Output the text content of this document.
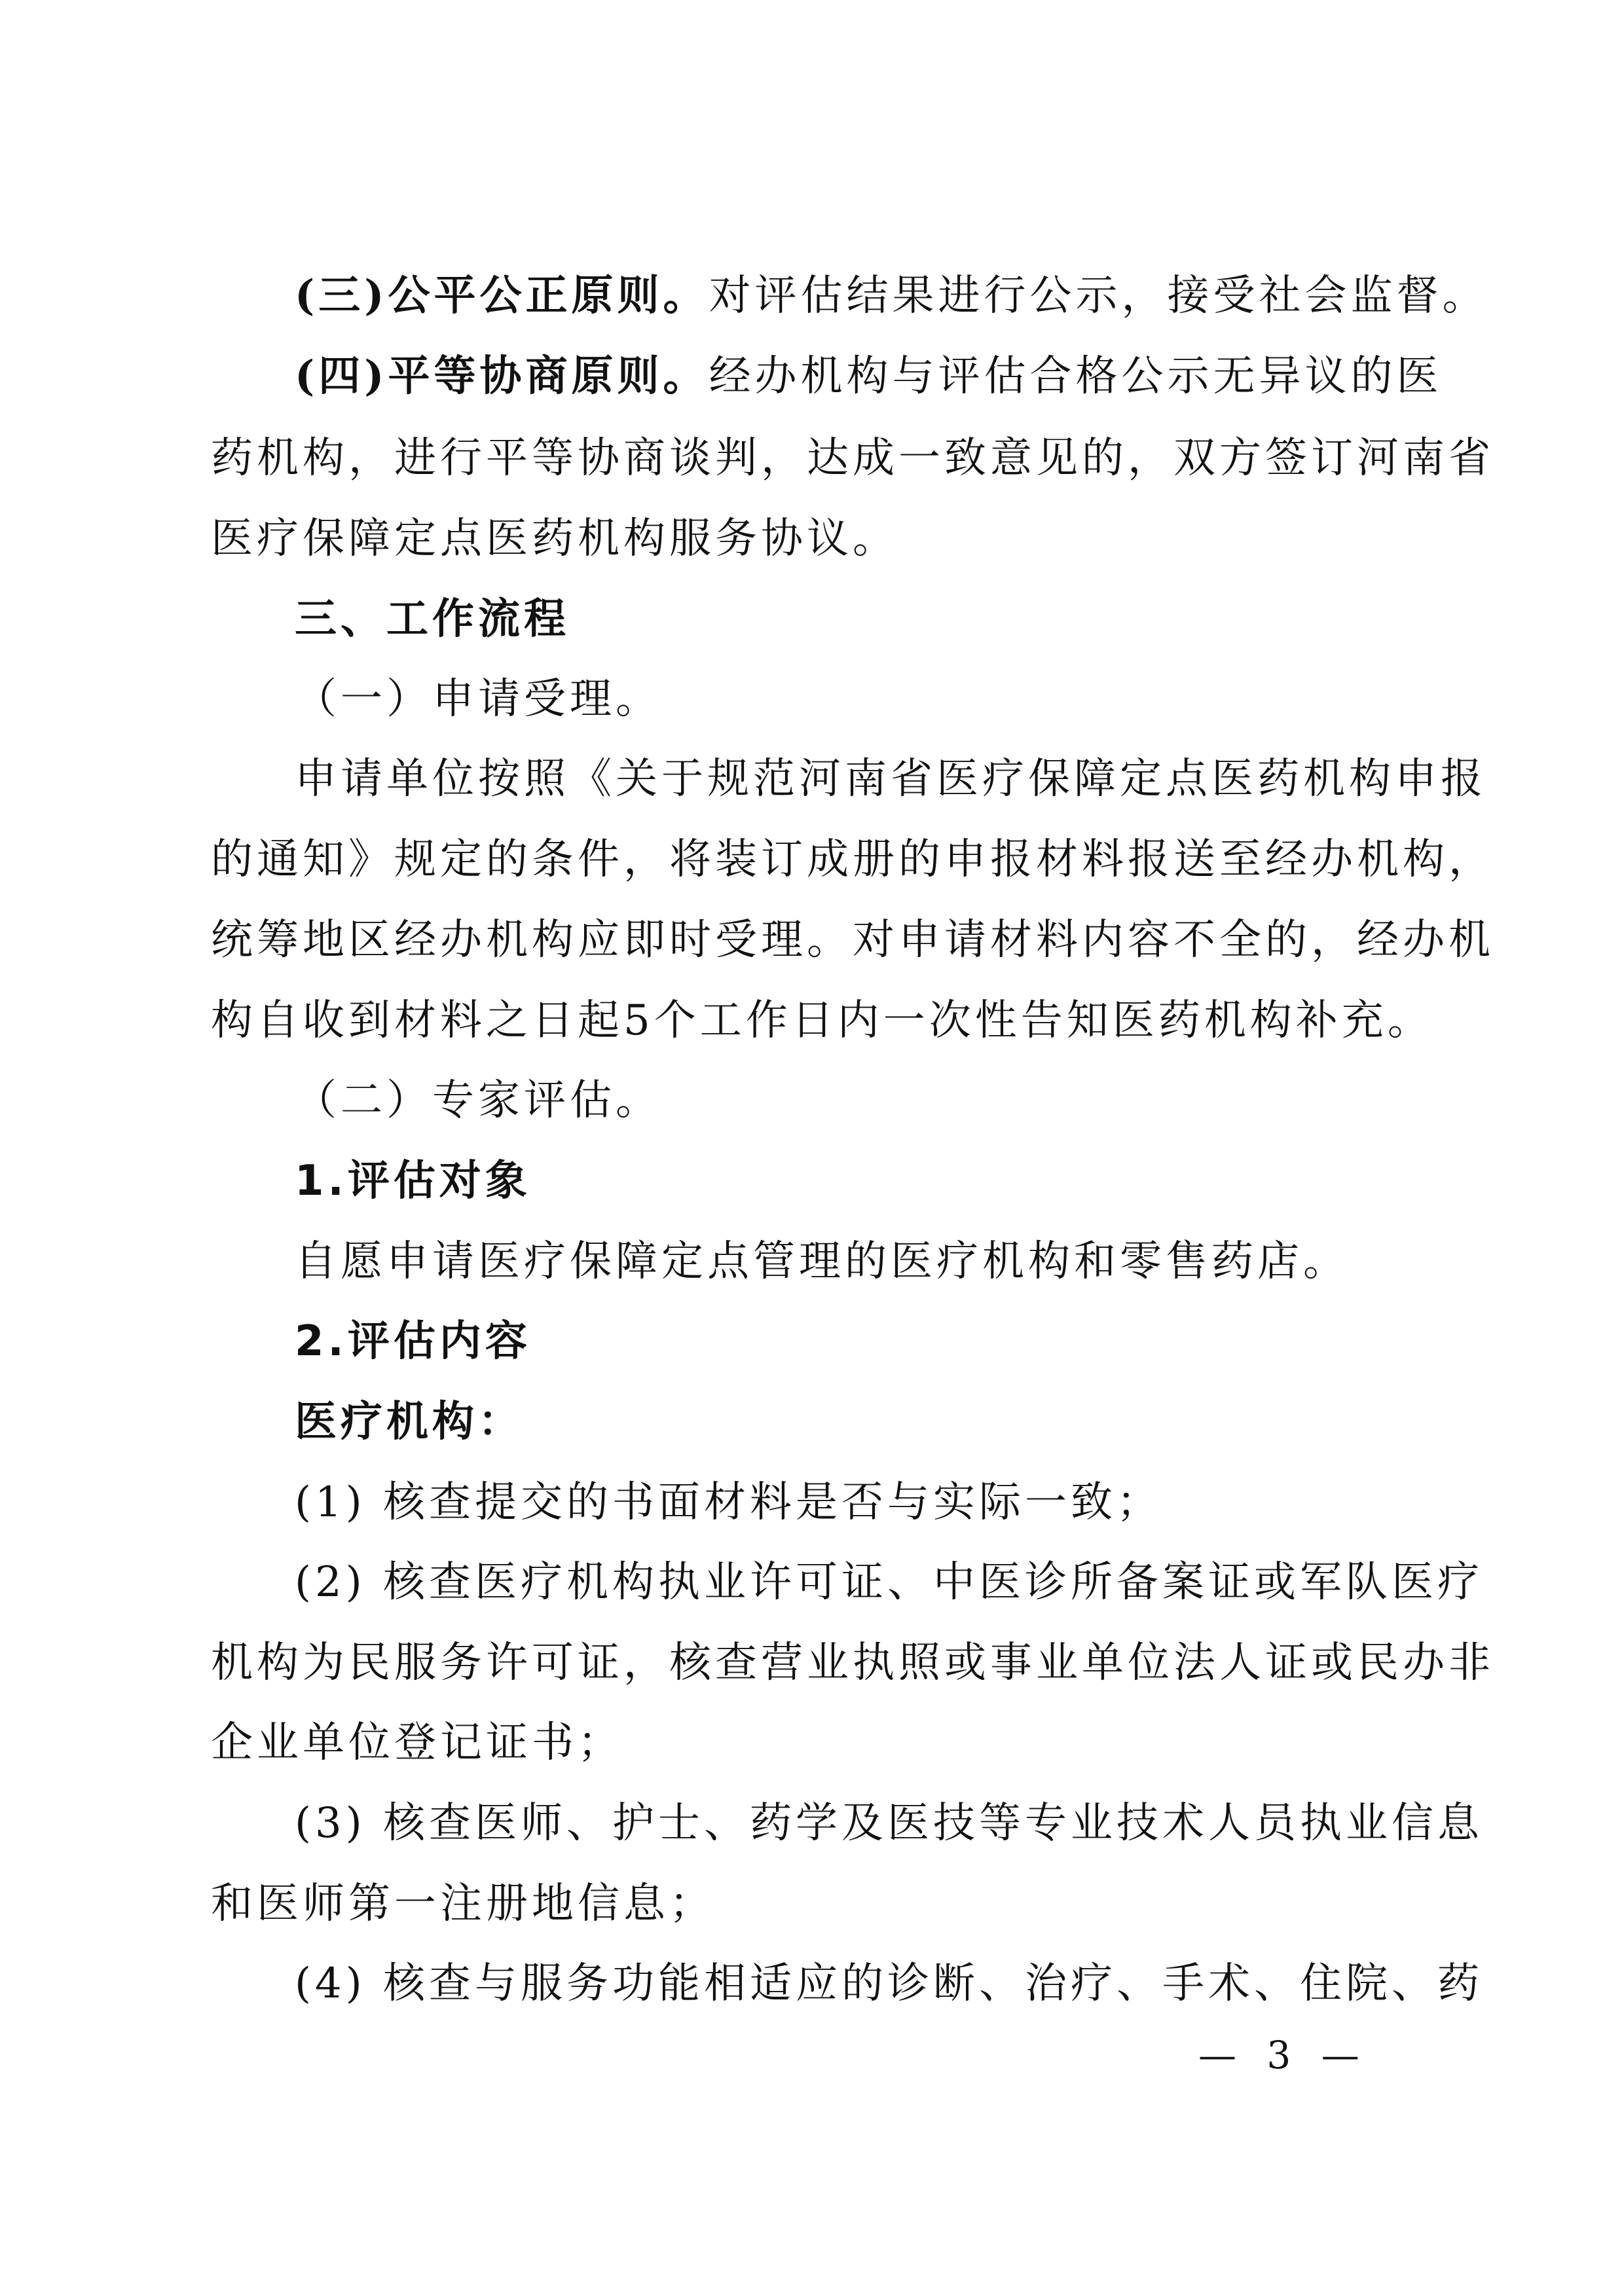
(三)公平公正原则。对评估结果进行公示，接受社会监督。
(四)平等协商原则。经办机构与评估合格公示无异议的医
药机构，进行平等协商谈判，达成一致意见的，双方签订河南省
医疗保障定点医药机构服务协议。
三、工作流程
（一）申请受理。
申请单位按照《关于规范河南省医疗保障定点医药机构申报
的通知》规定的条件，将装订成册的申报材料报送至经办机构，
统筹地区经办机构应即时受理。对申请材料内容不全的，经办机
构自收到材料之日起5个工作日内一次性告知医药机构补充。
（二）专家评估。
1.评估对象
自愿申请医疗保障定点管理的医疗机构和零售药店。
2.评估内容
医疗机构：
(1) 核查提交的书面材料是否与实际一致；
(2) 核查医疗机构执业许可证、中医诊所备案证或军队医疗
机构为民服务许可证，核查营业执照或事业单位法人证或民办非
企业单位登记证书；
(3) 核查医师、护士、药学及医技等专业技术人员执业信息
和医师第一注册地信息；
(4) 核查与服务功能相适应的诊断、治疗、手术、住院、药
— 3 —
